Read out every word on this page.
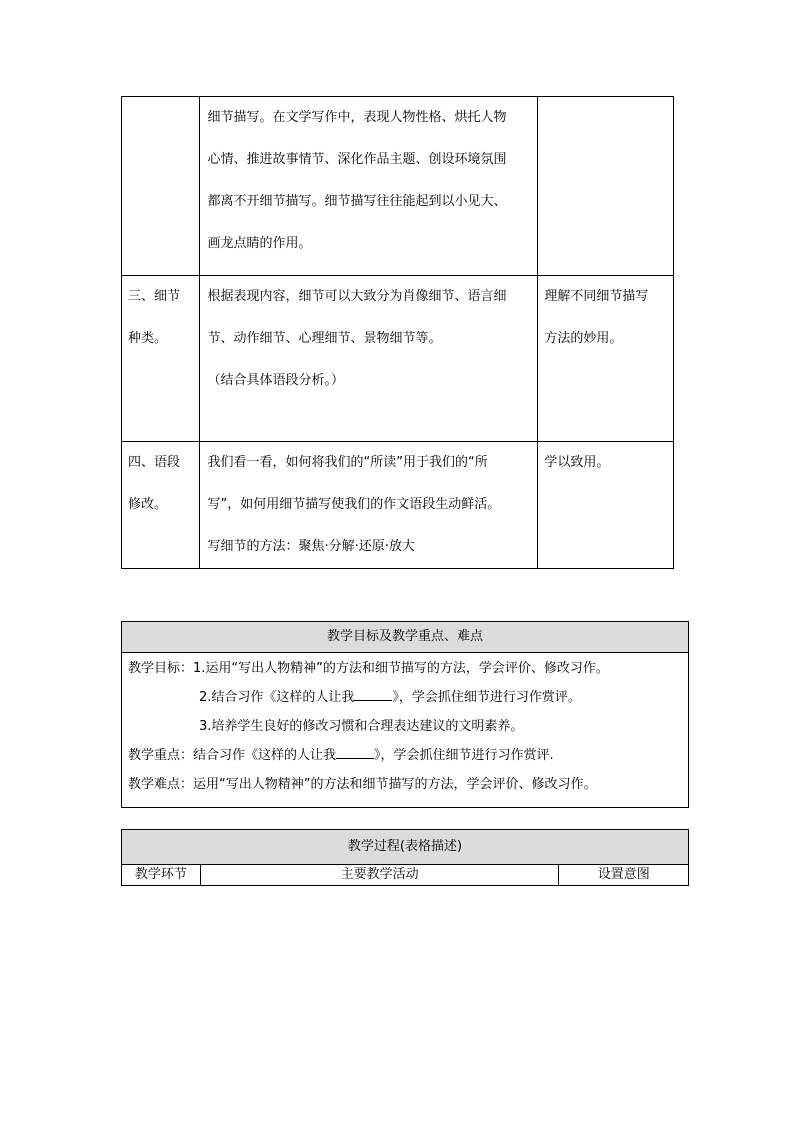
	细节描写。在文学写作中，表现人物性格、烘托人物
心情、推进故事情节、深化作品主题、创设环境氛围
都离不开细节描写。细节描写往往能起到以小见大、
画龙点睛的作用。	

三、细节
种类。	根据表现内容，细节可以大致分为肖像细节、语言细
节、动作细节、心理细节、景物细节等。
（结合具体语段分析。）	理解不同细节描写
方法的妙用。

四、语段
修改。	我们看一看，如何将我们的“所读”用于我们的“所
写”，如何用细节描写使我们的作文语段生动鲜活。
写细节的方法：聚焦·分解·还原·放大	学以致用。
教学目标及教学重点、难点

教学目标：1.运用“写出人物精神”的方法和细节描写的方法，学会评价、修改习作。
2.结合习作《这样的人让我	》，学会抓住细节进行习作赏评。
3.培养学生良好的修改习惯和合理表达建议的文明素养。
教学重点：结合习作《这样的人让我	》，学会抓住细节进行习作赏评.
教学难点：运用“写出人物精神”的方法和细节描写的方法，学会评价、修改习作。
教学过程(表格描述)
教学环节	主要教学活动	设置意图
